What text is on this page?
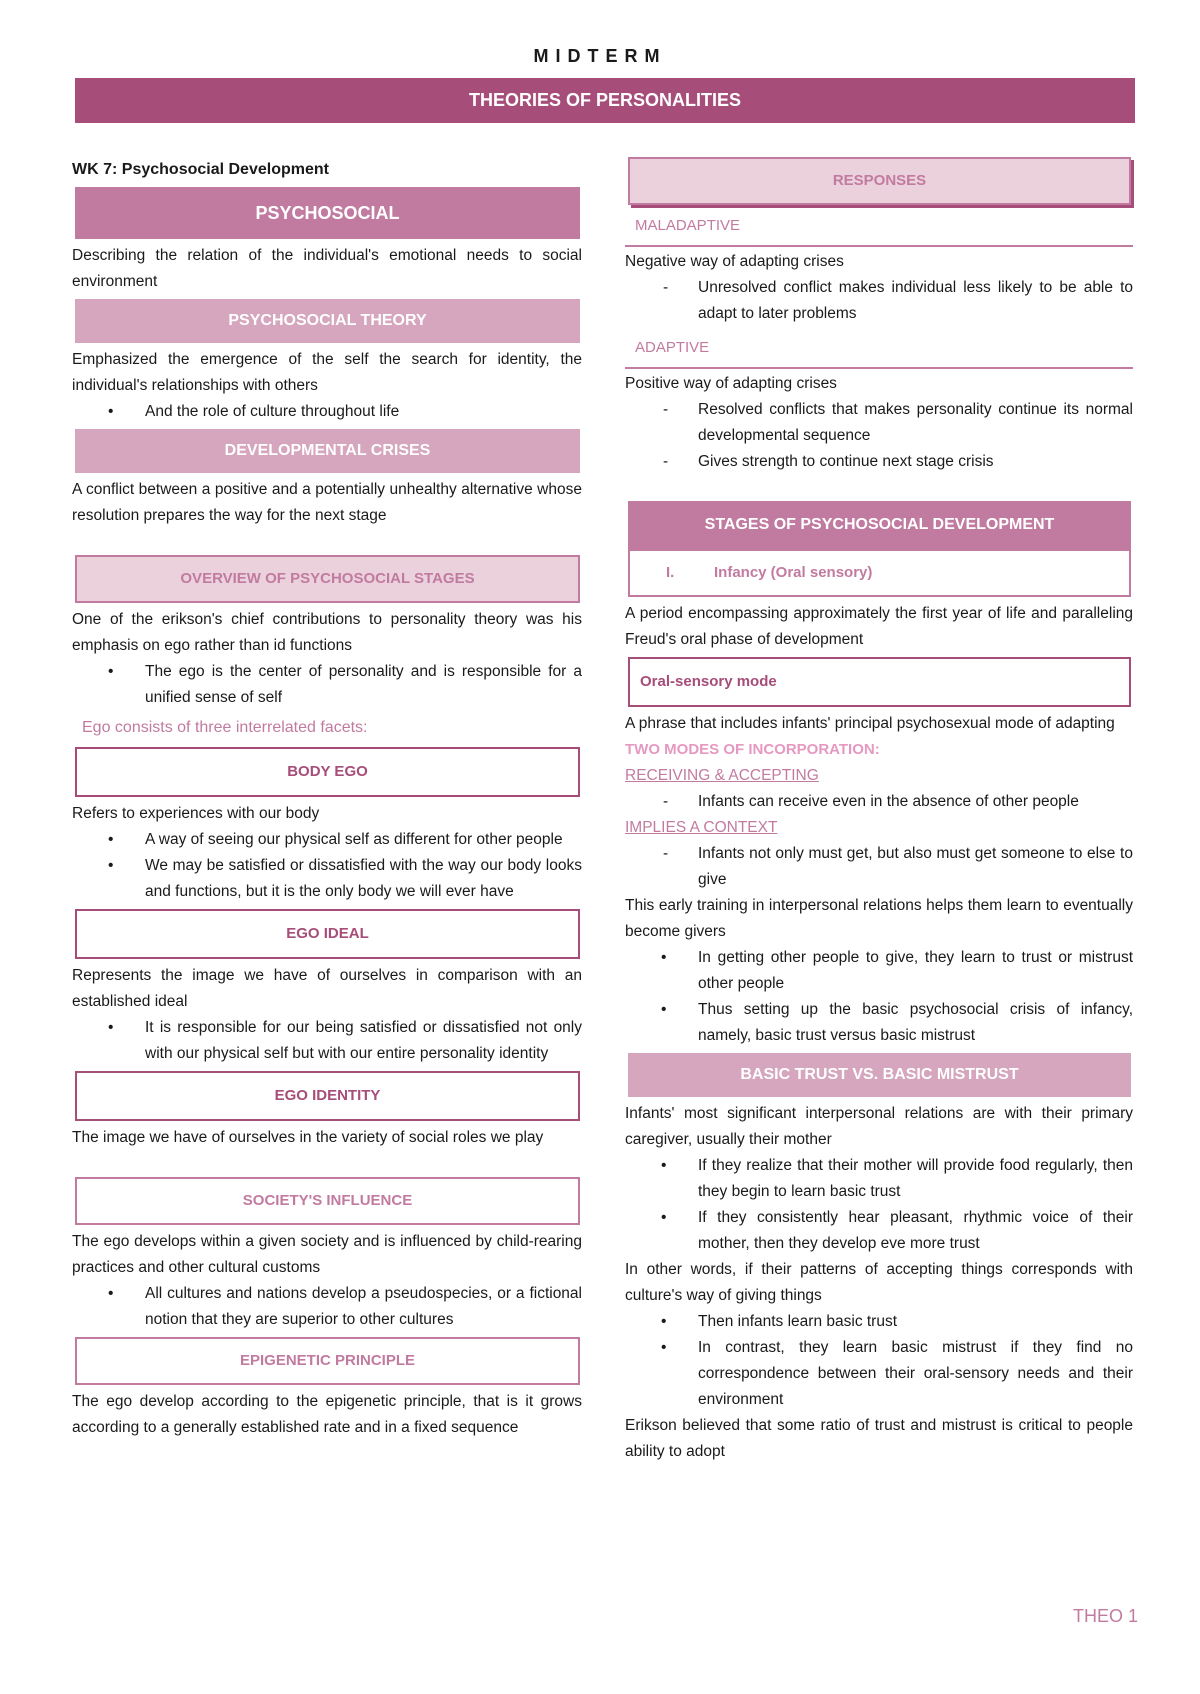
MIDTERM
THEORIES OF PERSONALITIES
WK 7: Psychosocial Development
PSYCHOSOCIAL

Describing the relation of the individual's emotional needs to social environment

PSYCHOSOCIAL THEORY

Emphasized the emergence of the self the search for identity, the individual's relationships with others

• And the role of culture throughout life
DEVELOPMENTAL CRISES

A conflict between a positive and a potentially unhealthy alternative whose resolution prepares the way for the next stage

OVERVIEW OF PSYCHOSOCIAL STAGES

One of the erikson's chief contributions to personality theory was his emphasis on ego rather than id functions

• The ego is the center of personality and is responsible for a unified sense of self
Ego consists of three interrelated facets:
BODY EGO

Refers to experiences with our body

• A way of seeing our physical self as different for other people
• We may be satisfied or dissatisfied with the way our body looks and functions, but it is the only body we will ever have
EGO IDEAL

Represents the image we have of ourselves in comparison with an established ideal

• It is responsible for our being satisfied or dissatisfied not only with our physical self but with our entire personality identity
EGO IDENTITY

The image we have of ourselves in the variety of social roles we play

SOCIETY'S INFLUENCE

The ego develops within a given society and is influenced by child-rearing practices and other cultural customs

• All cultures and nations develop a pseudospecies, or a fictional notion that they are superior to other cultures
EPIGENETIC PRINCIPLE

The ego develop according to the epigenetic principle, that is it grows according to a generally established rate and in a fixed sequence

RESPONSES
MALADAPTIVE

Negative way of adapting crises

- Unresolved conflict makes individual less likely to be able to adapt to later problems
ADAPTIVE

Positive way of adapting crises

- Resolved conflicts that makes personality continue its normal developmental sequence
- Gives strength to continue next stage crisis
STAGES OF PSYCHOSOCIAL DEVELOPMENT
I.	Infancy (Oral sensory)

A period encompassing approximately the first year of life and paralleling Freud's oral phase of development

Oral-sensory mode

A phrase that includes infants' principal psychosexual mode of adapting

TWO MODES OF INCORPORATION:
RECEIVING & ACCEPTING
- Infants can receive even in the absence of other people
IMPLIES A CONTEXT
- Infants not only must get, but also must get someone to else to give

This early training in interpersonal relations helps them learn to eventually become givers

• In getting other people to give, they learn to trust or mistrust other people
• Thus setting up the basic psychosocial crisis of infancy, namely, basic trust versus basic mistrust
BASIC TRUST VS. BASIC MISTRUST

Infants' most significant interpersonal relations are with their primary caregiver, usually their mother

• If they realize that their mother will provide food regularly, then they begin to learn basic trust
• If they consistently hear pleasant, rhythmic voice of their mother, then they develop eve more trust

In other words, if their patterns of accepting things corresponds with culture's way of giving things

• Then infants learn basic trust
• In contrast, they learn basic mistrust if they find no correspondence between their oral-sensory needs and their environment

Erikson believed that some ratio of trust and mistrust is critical to people ability to adopt

THEO 1
